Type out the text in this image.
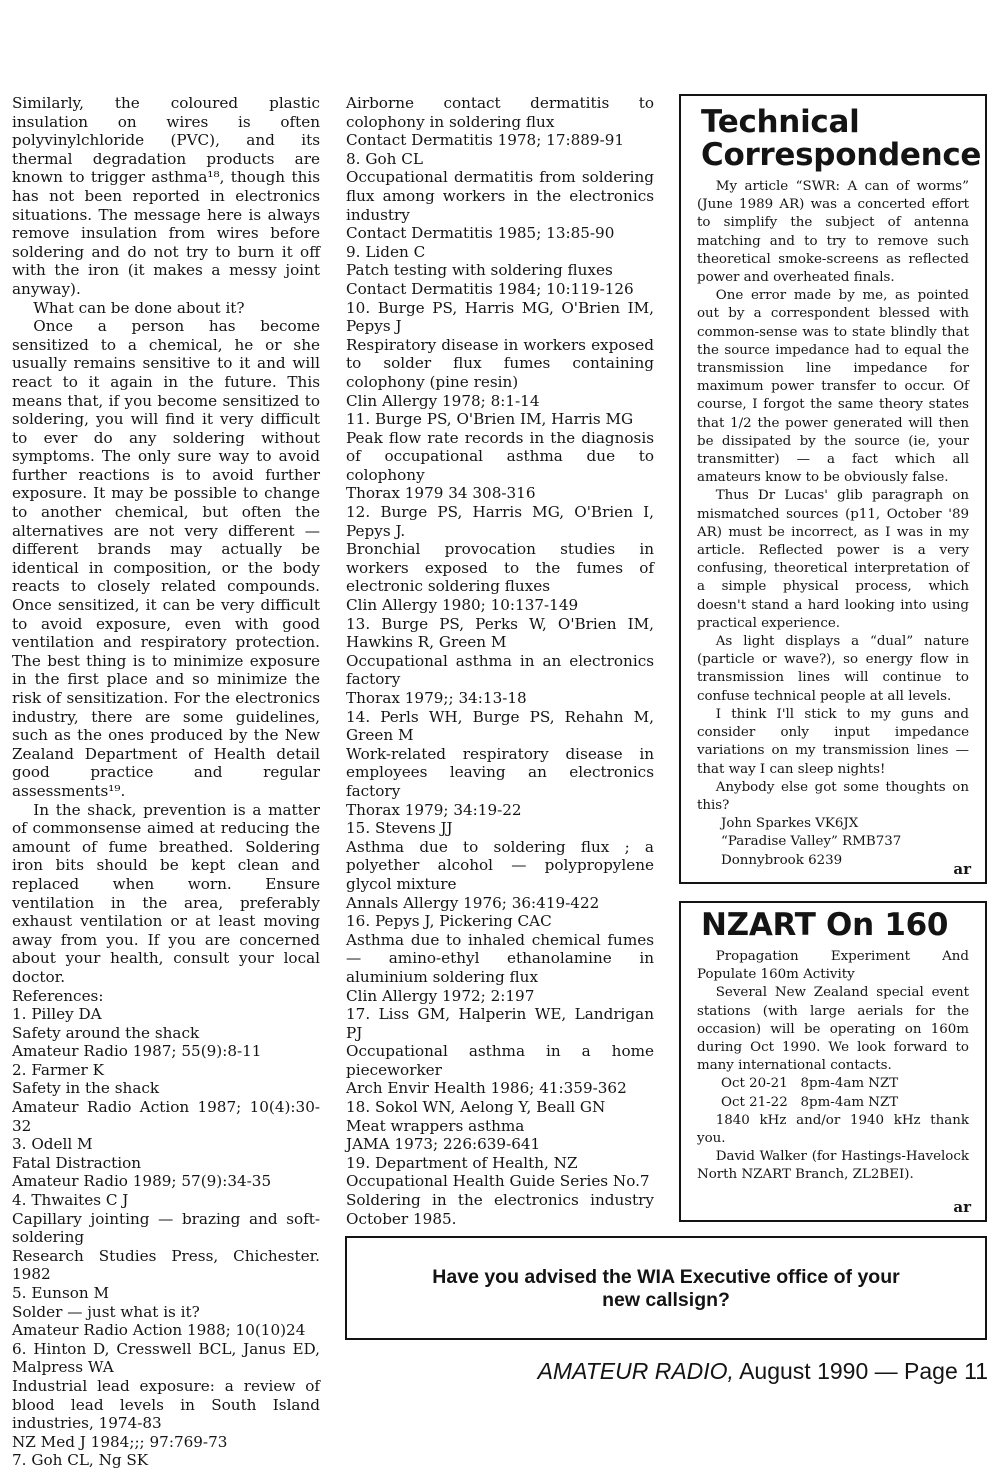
Similarly, the coloured plastic insulation on wires is often polyvinylchloride (PVC), and its thermal degradation products are known to trigger asthma¹⁸, though this has not been reported in electronics situations. The message here is always remove insulation from wires before soldering and do not try to burn it off with the iron (it makes a messy joint anyway).

What can be done about it?

Once a person has become sensitized to a chemical, he or she usually remains sensitive to it and will react to it again in the future. This means that, if you become sensitized to soldering, you will find it very difficult to ever do any soldering without symptoms. The only sure way to avoid further reactions is to avoid further exposure. It may be possible to change to another chemical, but often the alternatives are not very different — different brands may actually be identical in composition, or the body reacts to closely related compounds. Once sensitized, it can be very difficult to avoid exposure, even with good ventilation and respiratory protection. The best thing is to minimize exposure in the first place and so minimize the risk of sensitization. For the electronics industry, there are some guidelines, such as the ones produced by the New Zealand Department of Health detail good practice and regular assessments¹⁹.

In the shack, prevention is a matter of commonsense aimed at reducing the amount of fume breathed. Soldering iron bits should be kept clean and replaced when worn. Ensure ventilation in the area, preferably exhaust ventilation or at least moving away from you. If you are concerned about your health, consult your local doctor.

References:

1. Pilley DA

Safety around the shack

Amateur Radio 1987; 55(9):8-11

2. Farmer K

Safety in the shack

Amateur Radio Action 1987; 10(4):30-32

3. Odell M

Fatal Distraction

Amateur Radio 1989; 57(9):34-35

4. Thwaites C J

Capillary jointing — brazing and soft-soldering

Research Studies Press, Chichester. 1982

5. Eunson M

Solder — just what is it?

Amateur Radio Action 1988; 10(10)24

6. Hinton D, Cresswell BCL, Janus ED, Malpress WA

Industrial lead exposure: a review of blood lead levels in South Island industries, 1974-83

NZ Med J 1984;;; 97:769-73

7. Goh CL, Ng SK

Airborne contact dermatitis to colophony in soldering flux

Contact Dermatitis 1978; 17:889-91

8. Goh CL

Occupational dermatitis from soldering flux among workers in the electronics industry

Contact Dermatitis 1985; 13:85-90

9. Liden C

Patch testing with soldering fluxes

Contact Dermatitis 1984; 10:119-126

10. Burge PS, Harris MG, O'Brien IM, Pepys J

Respiratory disease in workers exposed to solder flux fumes containing colophony (pine resin)

Clin Allergy 1978; 8:1-14

11. Burge PS, O'Brien IM, Harris MG

Peak flow rate records in the diagnosis of occupational asthma due to colophony

Thorax 1979 34 308-316

12. Burge PS, Harris MG, O'Brien I, Pepys J.

Bronchial provocation studies in workers exposed to the fumes of electronic soldering fluxes

Clin Allergy 1980; 10:137-149

13. Burge PS, Perks W, O'Brien IM, Hawkins R, Green M

Occupational asthma in an electronics factory

Thorax 1979;; 34:13-18

14. Perls WH, Burge PS, Rehahn M, Green M

Work-related respiratory disease in employees leaving an electronics factory

Thorax 1979; 34:19-22

15. Stevens JJ

Asthma due to soldering flux ; a polyether alcohol — polypropylene glycol mixture

Annals Allergy 1976; 36:419-422

16. Pepys J, Pickering CAC

Asthma due to inhaled chemical fumes — amino-ethyl ethanolamine in aluminium soldering flux

Clin Allergy 1972; 2:197

17. Liss GM, Halperin WE, Landrigan PJ

Occupational asthma in a home pieceworker

Arch Envir Health 1986; 41:359-362

18. Sokol WN, Aelong Y, Beall GN

Meat wrappers asthma

JAMA 1973; 226:639-641

19. Department of Health, NZ

Occupational Health Guide Series No.7

Soldering in the electronics industry October 1985.

Technical Correspondence

My article “SWR: A can of worms” (June 1989 AR) was a concerted effort to simplify the subject of antenna matching and to try to remove such theoretical smoke-screens as reflected power and overheated finals.

One error made by me, as pointed out by a correspondent blessed with common-sense was to state blindly that the source impedance had to equal the transmission line impedance for maximum power transfer to occur. Of course, I forgot the same theory states that 1/2 the power generated will then be dissipated by the source (ie, your transmitter) — a fact which all amateurs know to be obviously false.

Thus Dr Lucas' glib paragraph on mismatched sources (p11, October '89 AR) must be incorrect, as I was in my article. Reflected power is a very confusing, theoretical interpretation of a simple physical process, which doesn't stand a hard looking into using practical experience.

As light displays a “dual” nature (particle or wave?), so energy flow in transmission lines will continue to confuse technical people at all levels.

I think I'll stick to my guns and consider only input impedance variations on my transmission lines — that way I can sleep nights!

Anybody else got some thoughts on this?

John Sparkes VK6JX

“Paradise Valley” RMB737

Donnybrook 6239	ar
NZART On 160

Propagation Experiment And Populate 160m Activity

Several New Zealand special event stations (with large aerials for the occasion) will be operating on 160m during Oct 1990. We look forward to many international contacts.

Oct 20-21 8pm-4am NZT

Oct 21-22 8pm-4am NZT

1840 kHz and/or 1940 kHz thank you.

David Walker (for Hastings-Havelock North NZART Branch, ZL2BEI).

ar
Have you advised the WIA Executive office of your
new callsign?
AMATEUR RADIO, August 1990 — Page 11
